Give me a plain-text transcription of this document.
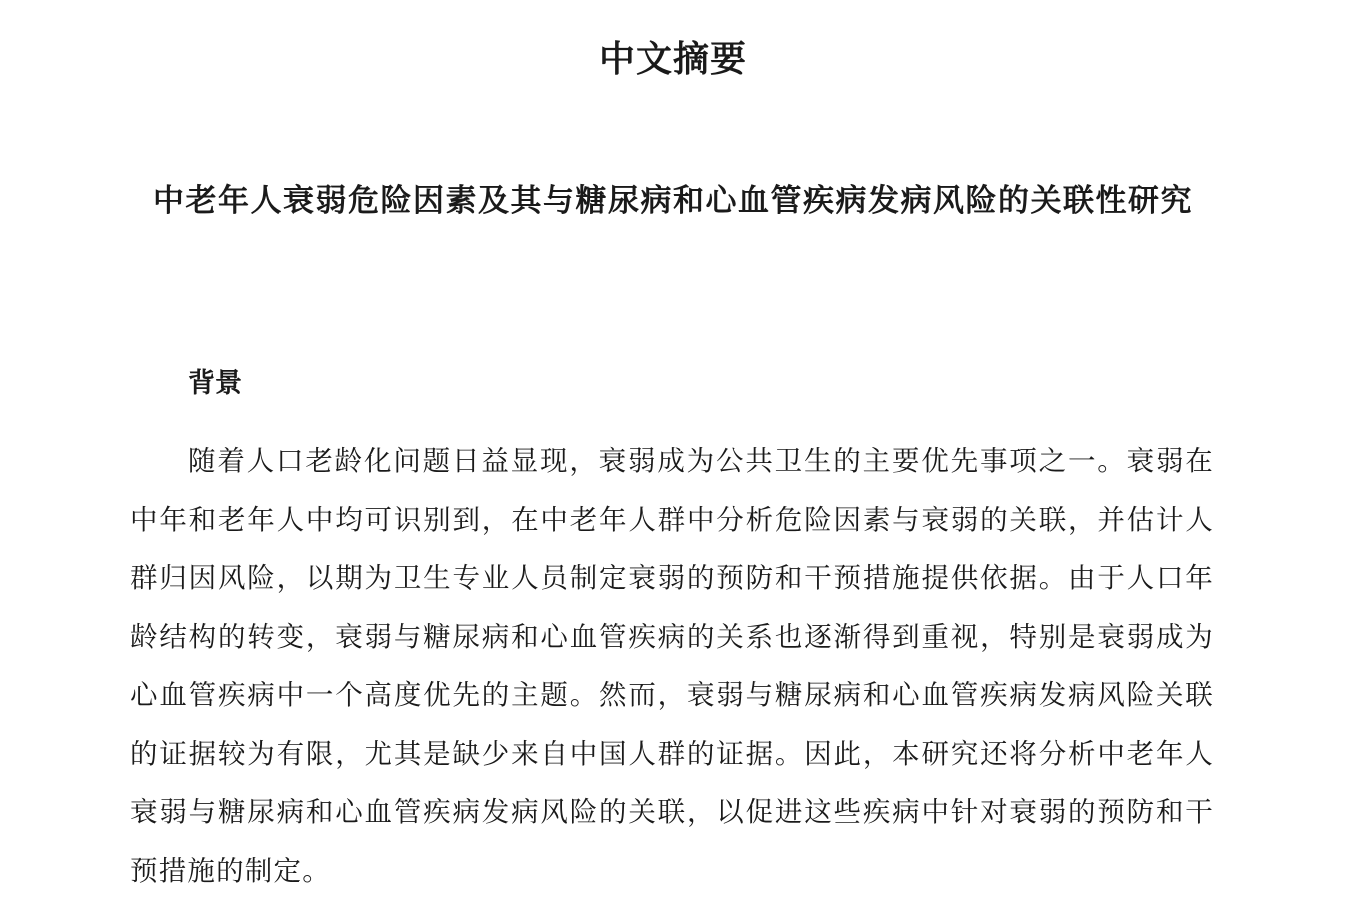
中文摘要
中老年人衰弱危险因素及其与糖尿病和心血管疾病发病风险的关联性研究
背景

随着人口老龄化问题日益显现，衰弱成为公共卫生的主要优先事项之一。衰弱在中年和老年人中均可识别到，在中老年人群中分析危险因素与衰弱的关联，并估计人群归因风险，以期为卫生专业人员制定衰弱的预防和干预措施提供依据。由于人口年龄结构的转变，衰弱与糖尿病和心血管疾病的关系也逐渐得到重视，特别是衰弱成为心血管疾病中一个高度优先的主题。然而，衰弱与糖尿病和心血管疾病发病风险关联的证据较为有限，尤其是缺少来自中国人群的证据。因此，本研究还将分析中老年人衰弱与糖尿病和心血管疾病发病风险的关联，以促进这些疾病中针对衰弱的预防和干预措施的制定。
